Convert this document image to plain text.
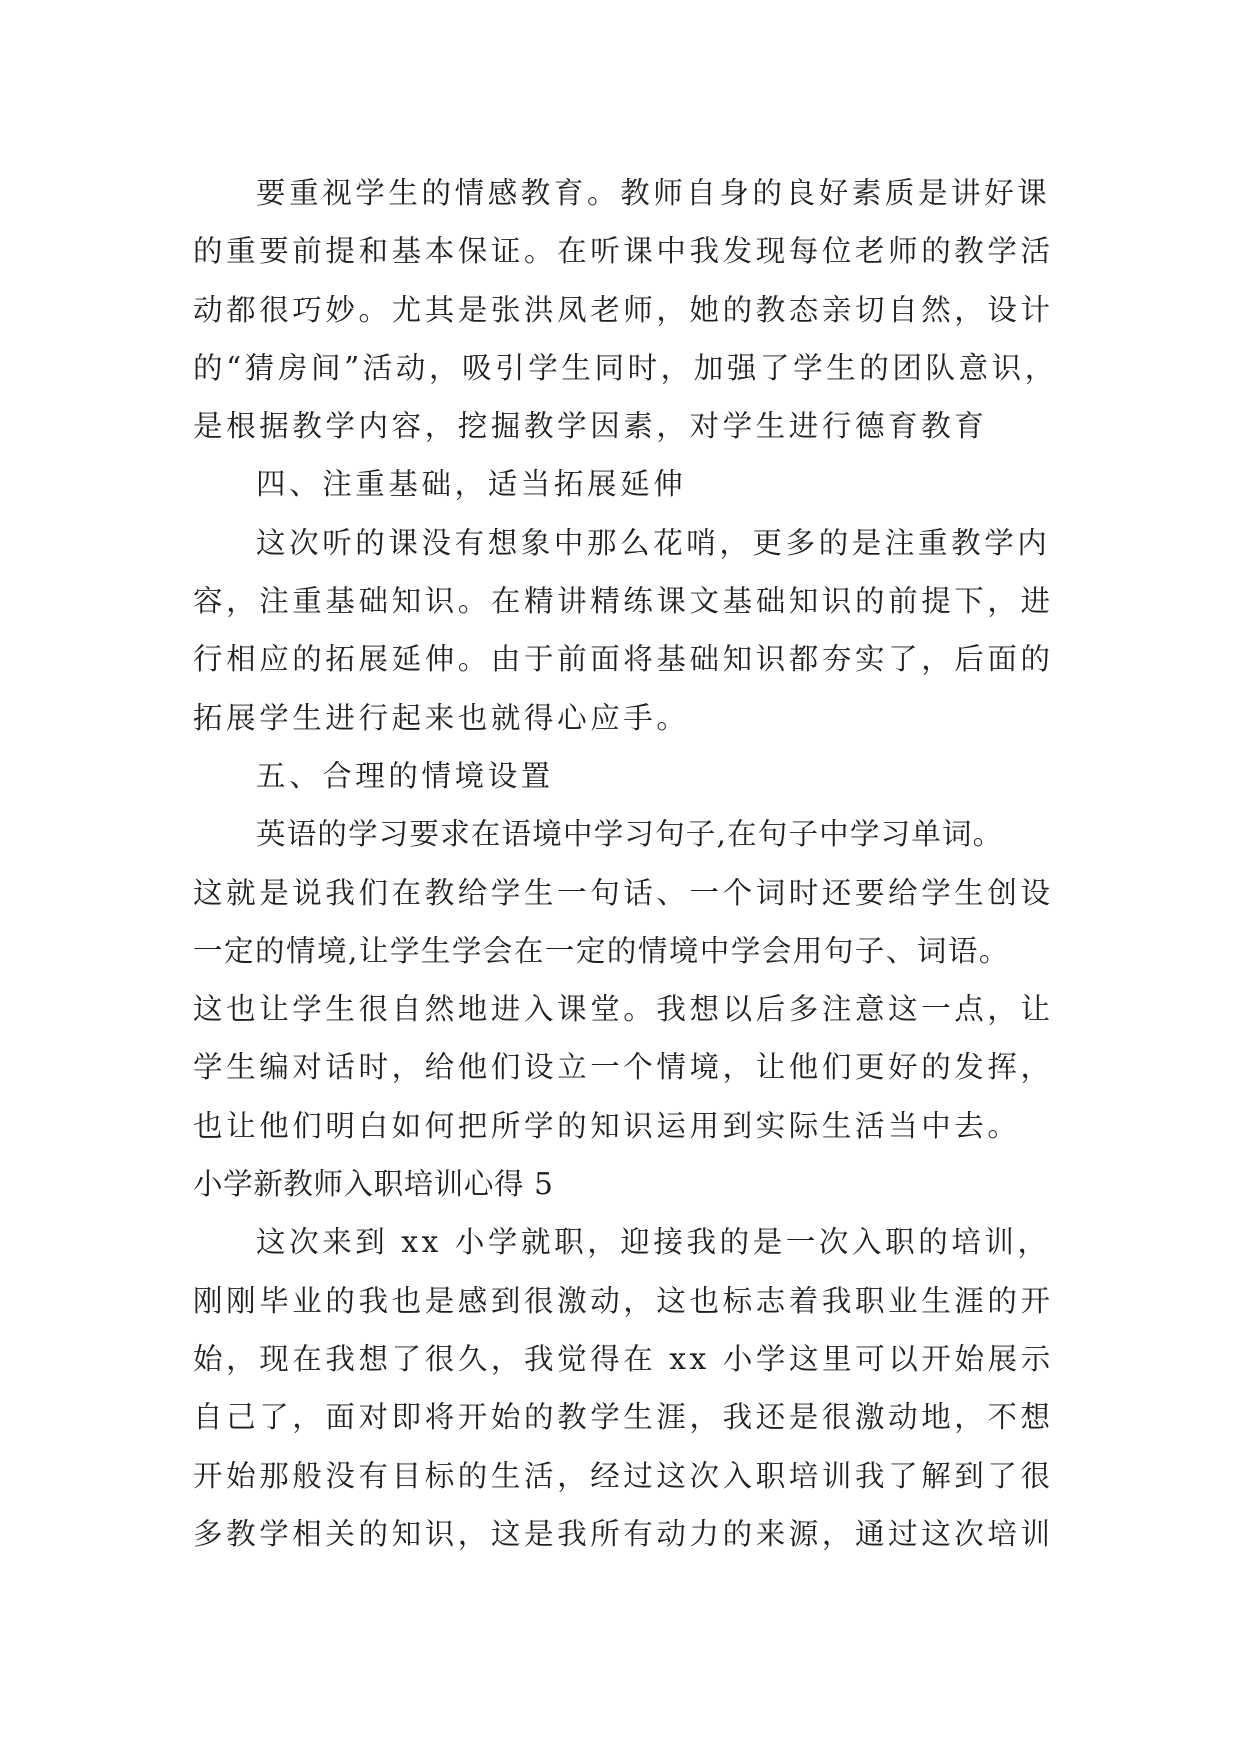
要重视学生的情感教育。教师自身的良好素质是讲好课
的重要前提和基本保证。在听课中我发现每位老师的教学活
动都很巧妙。尤其是张洪凤老师，她的教态亲切自然，设计
的“猜房间”活动，吸引学生同时，加强了学生的团队意识，
是根据教学内容，挖掘教学因素，对学生进行德育教育
四、注重基础，适当拓展延伸
这次听的课没有想象中那么花哨，更多的是注重教学内
容，注重基础知识。在精讲精练课文基础知识的前提下，进
行相应的拓展延伸。由于前面将基础知识都夯实了，后面的
拓展学生进行起来也就得心应手。
五、合理的情境设置
英语的学习要求在语境中学习句子,在句子中学习单词。
这就是说我们在教给学生一句话、一个词时还要给学生创设
一定的情境,让学生学会在一定的情境中学会用句子、词语。
这也让学生很自然地进入课堂。我想以后多注意这一点，让
学生编对话时，给他们设立一个情境，让他们更好的发挥，
也让他们明白如何把所学的知识运用到实际生活当中去。
小学新教师入职培训心得 5
这次来到 xx 小学就职，迎接我的是一次入职的培训，
刚刚毕业的我也是感到很激动，这也标志着我职业生涯的开
始，现在我想了很久，我觉得在 xx 小学这里可以开始展示
自己了，面对即将开始的教学生涯，我还是很激动地，不想
开始那般没有目标的生活，经过这次入职培训我了解到了很
多教学相关的知识，这是我所有动力的来源，通过这次培训
